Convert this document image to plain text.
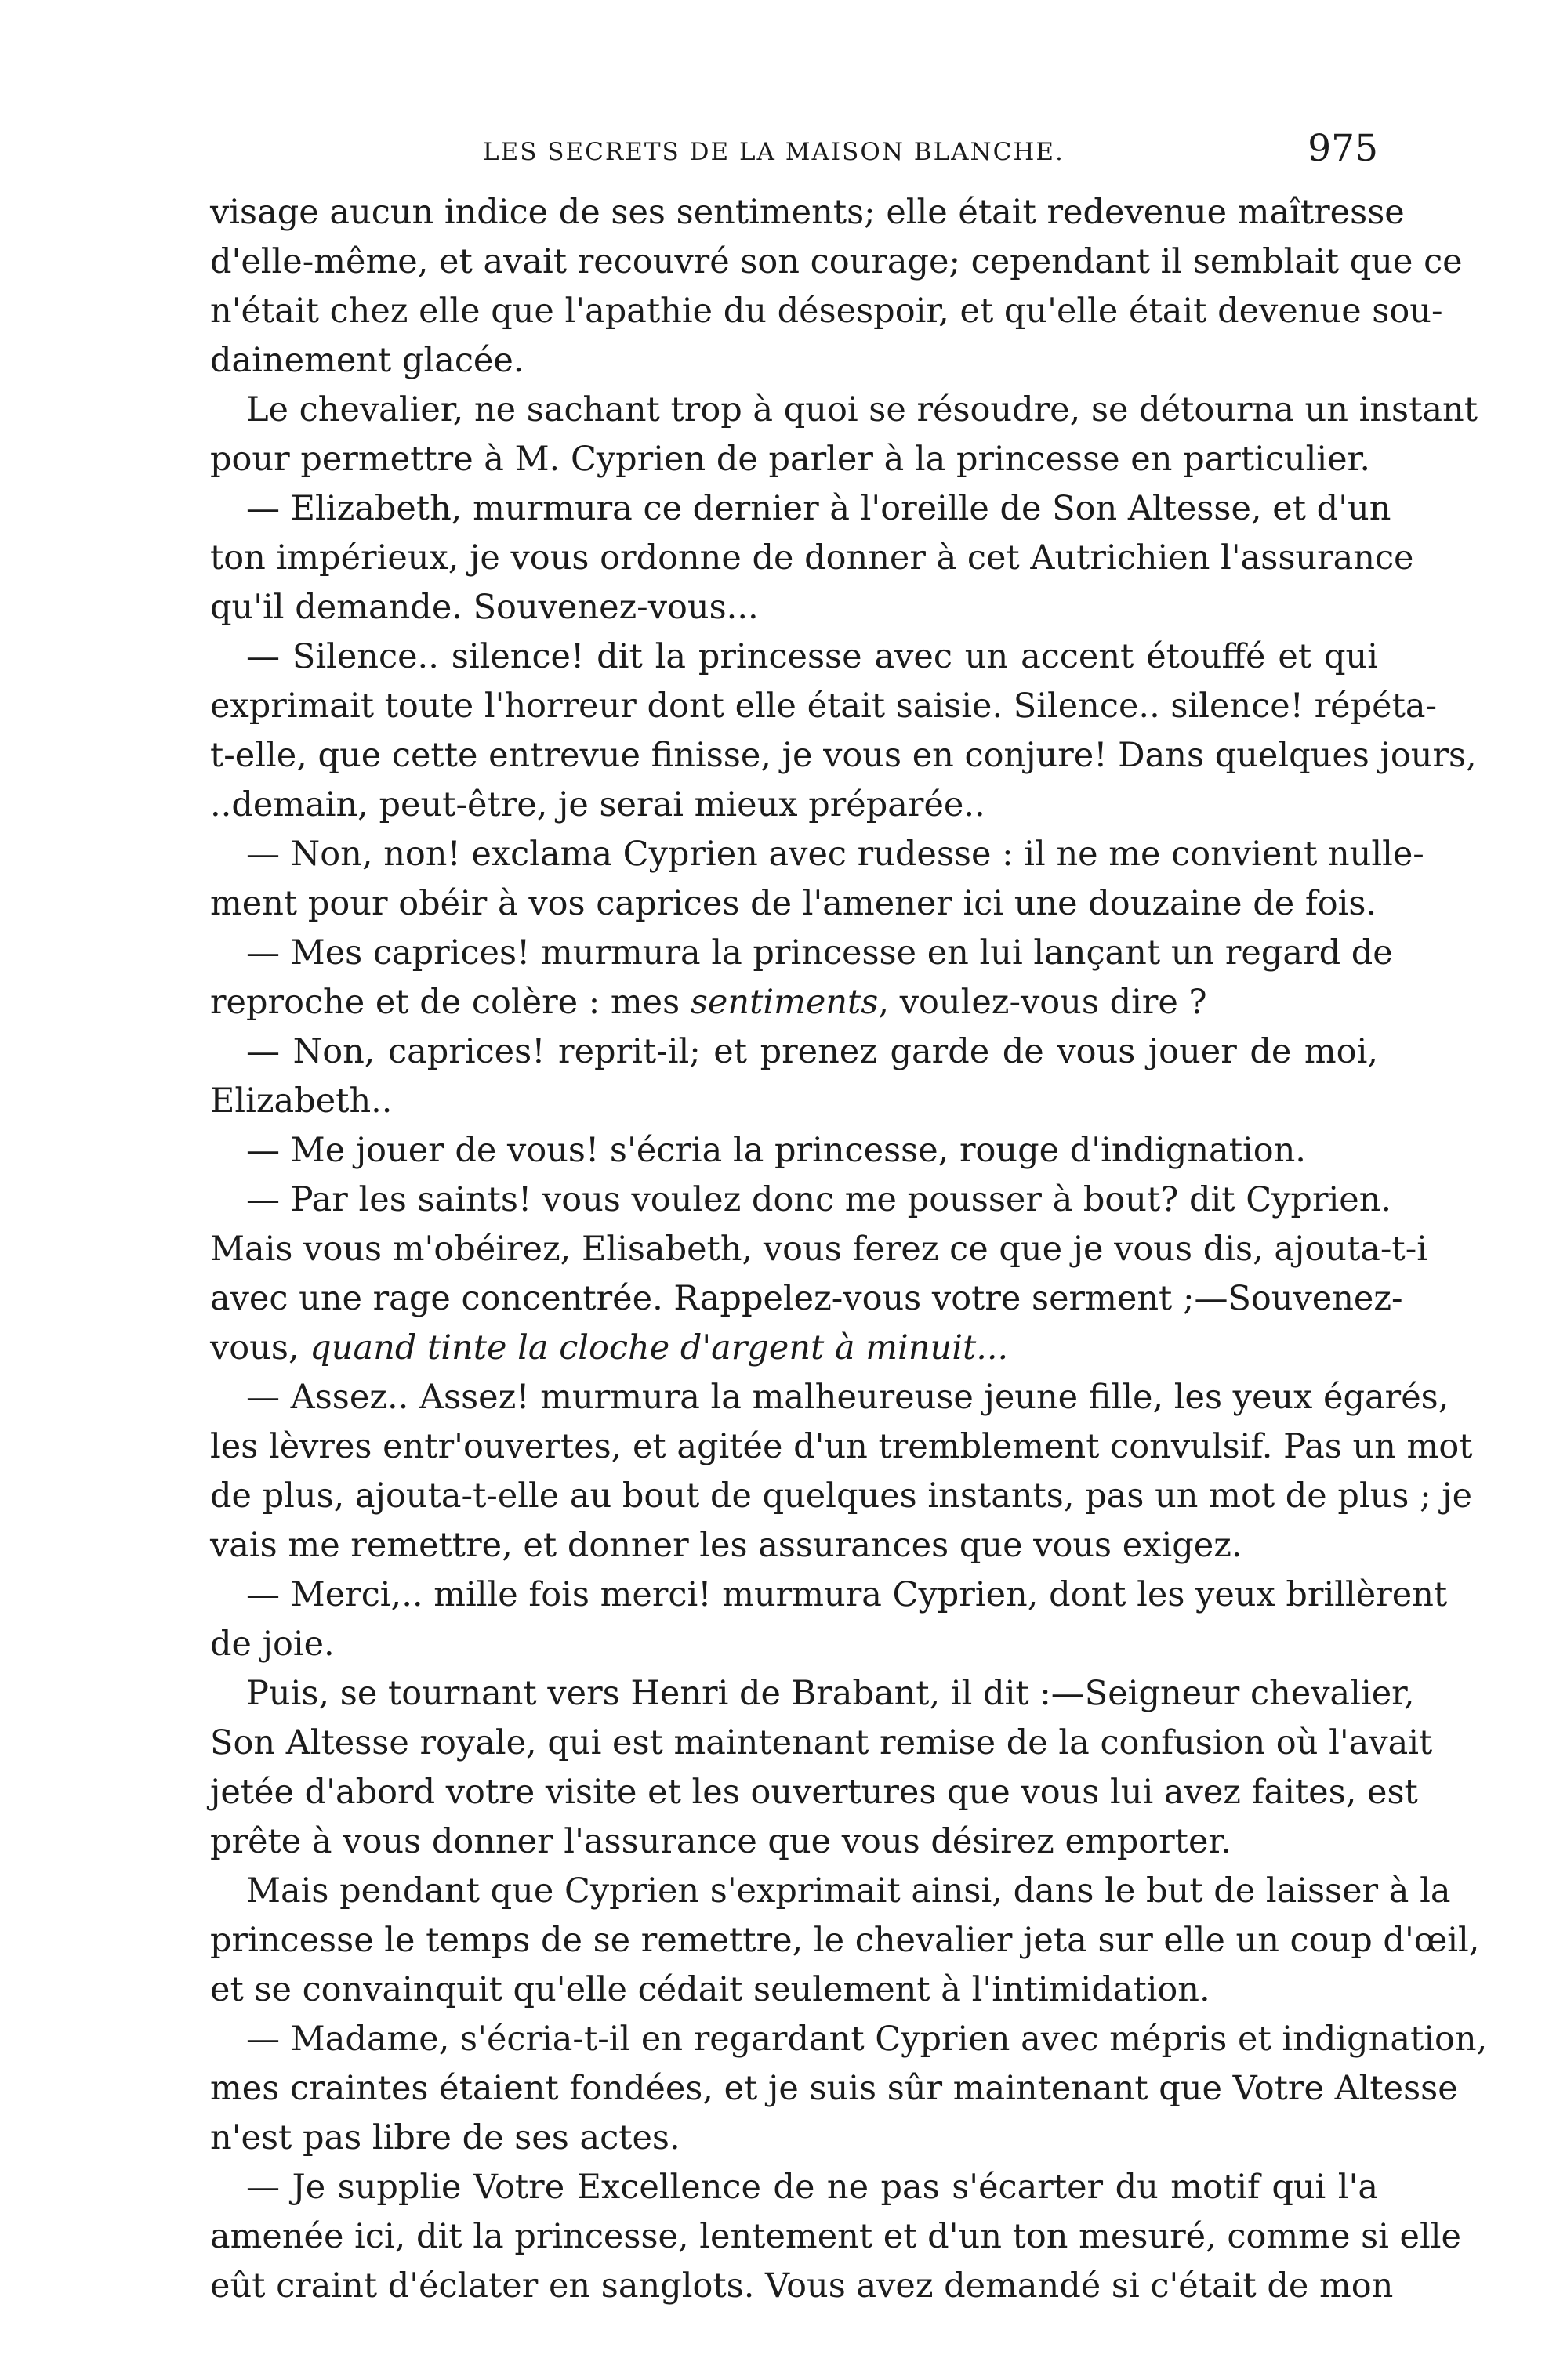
LES SECRETS DE LA MAISON BLANCHE.	975
visage aucun indice de ses sentiments; elle était redevenue maîtresse
d'elle-même, et avait recouvré son courage; cependant il semblait que ce
n'était chez elle que l'apathie du désespoir, et qu'elle était devenue sou-
dainement glacée.
Le chevalier, ne sachant trop à quoi se résoudre, se détourna un instant
pour permettre à M. Cyprien de parler à la princesse en particulier.
— Elizabeth, murmura ce dernier à l'oreille de Son Altesse, et d'un
ton impérieux, je vous ordonne de donner à cet Autrichien l'assurance
qu'il demande. Souvenez-vous...
— Silence.. silence! dit la princesse avec un accent étouffé et qui
exprimait toute l'horreur dont elle était saisie. Silence.. silence! répéta-
t-elle, que cette entrevue finisse, je vous en conjure! Dans quelques jours,
..demain, peut-être, je serai mieux préparée..
— Non, non! exclama Cyprien avec rudesse : il ne me convient nulle-
ment pour obéir à vos caprices de l'amener ici une douzaine de fois.
— Mes caprices! murmura la princesse en lui lançant un regard de
reproche et de colère : mes sentiments, voulez-vous dire ?
— Non, caprices! reprit-il; et prenez garde de vous jouer de moi,
Elizabeth..
— Me jouer de vous! s'écria la princesse, rouge d'indignation.
— Par les saints! vous voulez donc me pousser à bout? dit Cyprien.
Mais vous m'obéirez, Elisabeth, vous ferez ce que je vous dis, ajouta-t-i
avec une rage concentrée. Rappelez-vous votre serment ;—Souvenez-
vous, quand tinte la cloche d'argent à minuit...
— Assez.. Assez! murmura la malheureuse jeune fille, les yeux égarés,
les lèvres entr'ouvertes, et agitée d'un tremblement convulsif. Pas un mot
de plus, ajouta-t-elle au bout de quelques instants, pas un mot de plus ; je
vais me remettre, et donner les assurances que vous exigez.
— Merci,.. mille fois merci! murmura Cyprien, dont les yeux brillèrent
de joie.
Puis, se tournant vers Henri de Brabant, il dit :—Seigneur chevalier,
Son Altesse royale, qui est maintenant remise de la confusion où l'avait
jetée d'abord votre visite et les ouvertures que vous lui avez faites, est
prête à vous donner l'assurance que vous désirez emporter.
Mais pendant que Cyprien s'exprimait ainsi, dans le but de laisser à la
princesse le temps de se remettre, le chevalier jeta sur elle un coup d'œil,
et se convainquit qu'elle cédait seulement à l'intimidation.
— Madame, s'écria-t-il en regardant Cyprien avec mépris et indignation,
mes craintes étaient fondées, et je suis sûr maintenant que Votre Altesse
n'est pas libre de ses actes.
— Je supplie Votre Excellence de ne pas s'écarter du motif qui l'a
amenée ici, dit la princesse, lentement et d'un ton mesuré, comme si elle
eût craint d'éclater en sanglots. Vous avez demandé si c'était de mon
